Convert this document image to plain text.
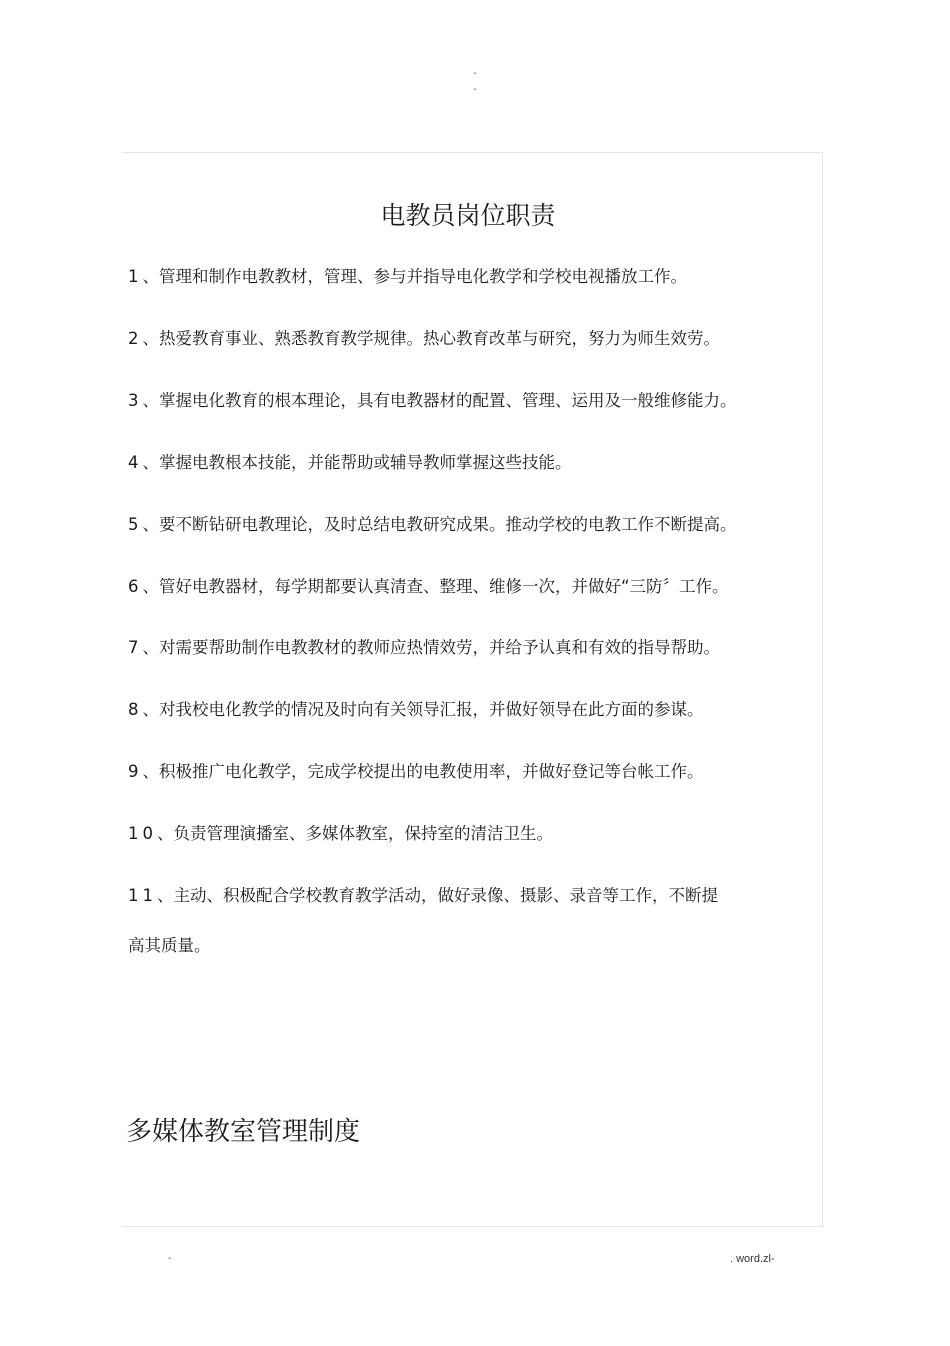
-
-
电教员岗位职责
1、管理和制作电教教材，管理、参与并指导电化教学和学校电视播放工作。
2、热爱教育事业、熟悉教育教学规律。热心教育改革与研究，努力为师生效劳。
3、掌握电化教育的根本理论，具有电教器材的配置、管理、运用及一般维修能力。
4、掌握电教根本技能，并能帮助或辅导教师掌握这些技能。
5、要不断钻研电教理论，及时总结电教研究成果。推动学校的电教工作不断提高。
6、管好电教器材，每学期都要认真清查、整理、维修一次，并做好“三防〞工作。
7、对需要帮助制作电教教材的教师应热情效劳，并给予认真和有效的指导帮助。
8、对我校电化教学的情况及时向有关领导汇报，并做好领导在此方面的参谋。
9、积极推广电化教学，完成学校提出的电教使用率，并做好登记等台帐工作。
10、负责管理演播室、多媒体教室，保持室的清洁卫生。
11、主动、积极配合学校教育教学活动，做好录像、摄影、录音等工作，不断提
高其质量。
多媒体教室管理制度
-	. word.zl-
